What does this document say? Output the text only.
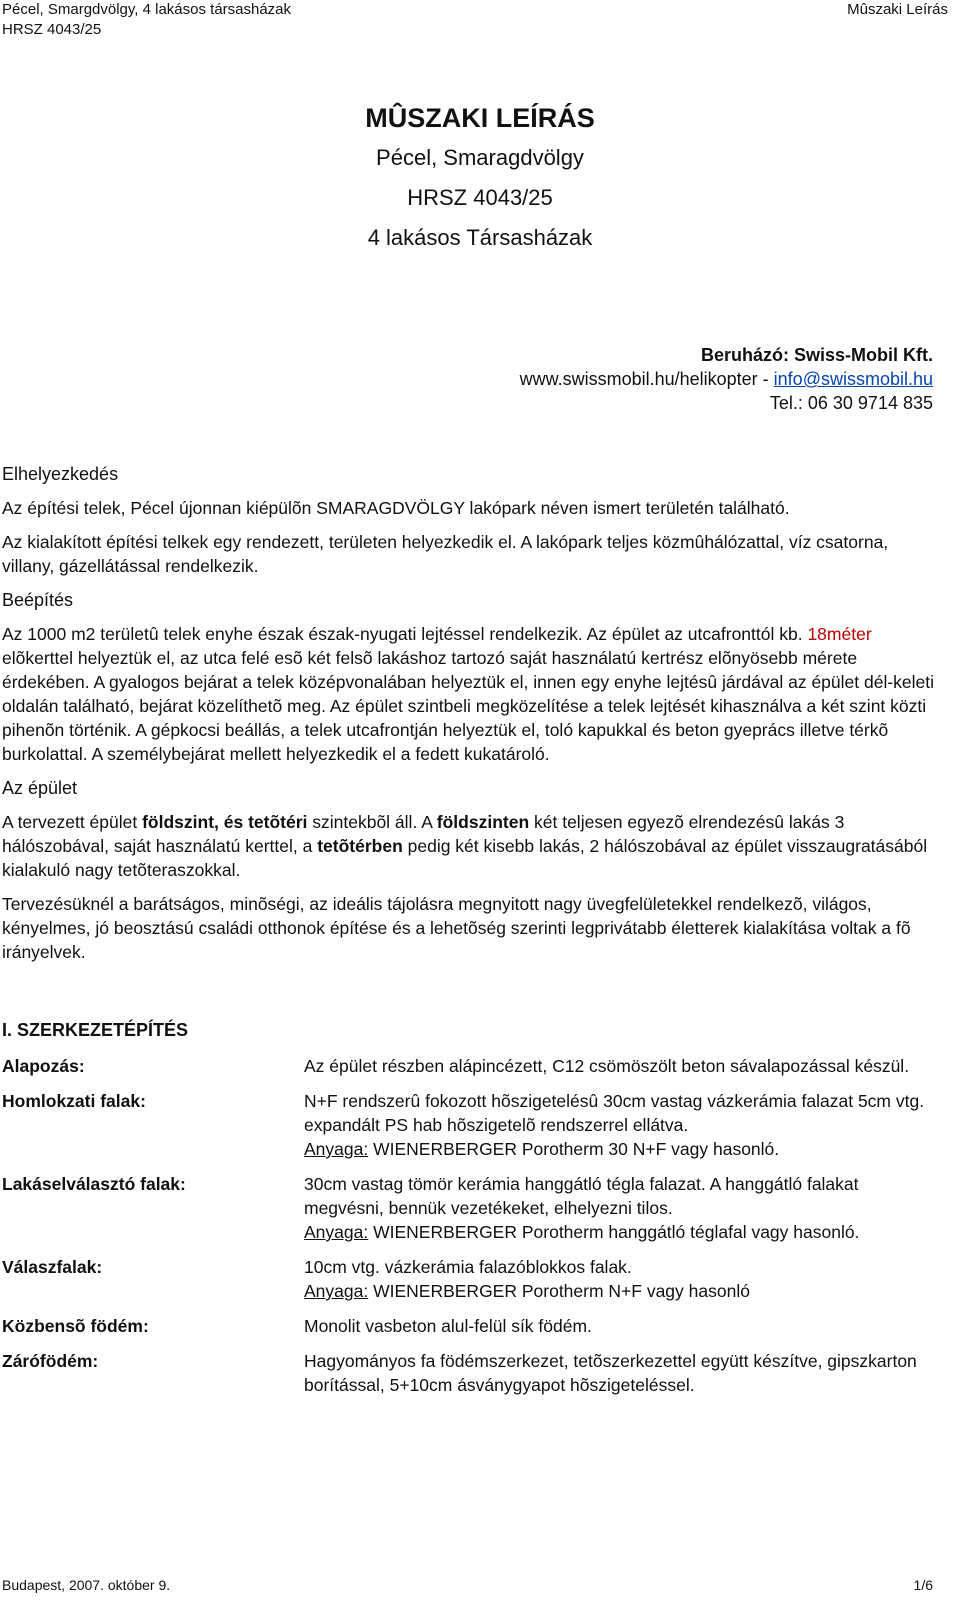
Pécel, Smargdvölgy, 4 lakásos társasházak
HRSZ 4043/25
Mûszaki Leírás
MÛSZAKI LEÍRÁS
Pécel, Smaragdvölgy
HRSZ 4043/25
4 lakásos Társasházak
Beruházó: Swiss-Mobil Kft.
www.swissmobil.hu/helikopter - info@swissmobil.hu
Tel.: 06 30 9714 835
Elhelyezkedés

Az építési telek, Pécel újonnan kiépülõn SMARAGDVÖLGY lakópark néven ismert területén található.

Az kialakított építési telkek egy rendezett, területen helyezkedik el. A lakópark teljes közmûhálózattal, víz csatorna, villany, gázellátással rendelkezik.

Beépítés

Az 1000 m2 területû telek enyhe észak észak-nyugati lejtéssel rendelkezik. Az épület az utcafronttól kb. 18méter elõkerttel helyeztük el, az utca felé esõ két felsõ lakáshoz tartozó saját használatú kertrész elõnyösebb mérete érdekében. A gyalogos bejárat a telek középvonalában helyeztük el, innen egy enyhe lejtésû járdával az épület dél-keleti oldalán található, bejárat közelíthetõ meg. Az épület szintbeli megközelítése a telek lejtését kihasználva a két szint közti pihenõn történik. A gépkocsi beállás, a telek utcafrontján helyeztük el, toló kapukkal és beton gyeprács illetve térkõ burkolattal. A személybejárat mellett helyezkedik el a fedett kukatároló.

Az épület

A tervezett épület földszint, és tetõtéri szintekbõl áll. A földszinten két teljesen egyezõ elrendezésû lakás 3 hálószobával, saját használatú kerttel, a tetõtérben pedig két kisebb lakás, 2 hálószobával az épület visszaugratásából kialakuló nagy tetõteraszokkal.

Tervezésüknél a barátságos, minõségi, az ideális tájolásra megnyitott nagy üvegfelületekkel rendelkezõ, világos, kényelmes, jó beosztású családi otthonok építése és a lehetõség szerinti legprivátabb életterek kialakítása voltak a fõ irányelvek.

I. SZERKEZETÉPÍTÉS
Alapozás:	Az épület részben alápincézett, C12 csömöszölt beton sávalapozással készül.
Homlokzati falak:	N+F rendszerû fokozott hõszigetelésû 30cm vastag vázkerámia falazat 5cm vtg. expandált PS hab hõszigetelõ rendszerrel ellátva.
Anyaga: WIENERBERGER Porotherm 30 N+F vagy hasonló.
Lakáselválasztó falak:	30cm vastag tömör kerámia hanggátló tégla falazat. A hanggátló falakat megvésni, bennük vezetékeket, elhelyezni tilos.
Anyaga: WIENERBERGER Porotherm hanggátló téglafal vagy hasonló.
Válaszfalak:	10cm vtg. vázkerámia falazóblokkos falak.
Anyaga: WIENERBERGER Porotherm N+F vagy hasonló
Közbensõ födém:	Monolit vasbeton alul-felül sík födém.
Zárófödém:	Hagyományos fa födémszerkezet, tetõszerkezettel együtt készítve, gipszkarton borítással, 5+10cm ásványgyapot hõszigeteléssel.
Budapest, 2007. október 9.	1/6
